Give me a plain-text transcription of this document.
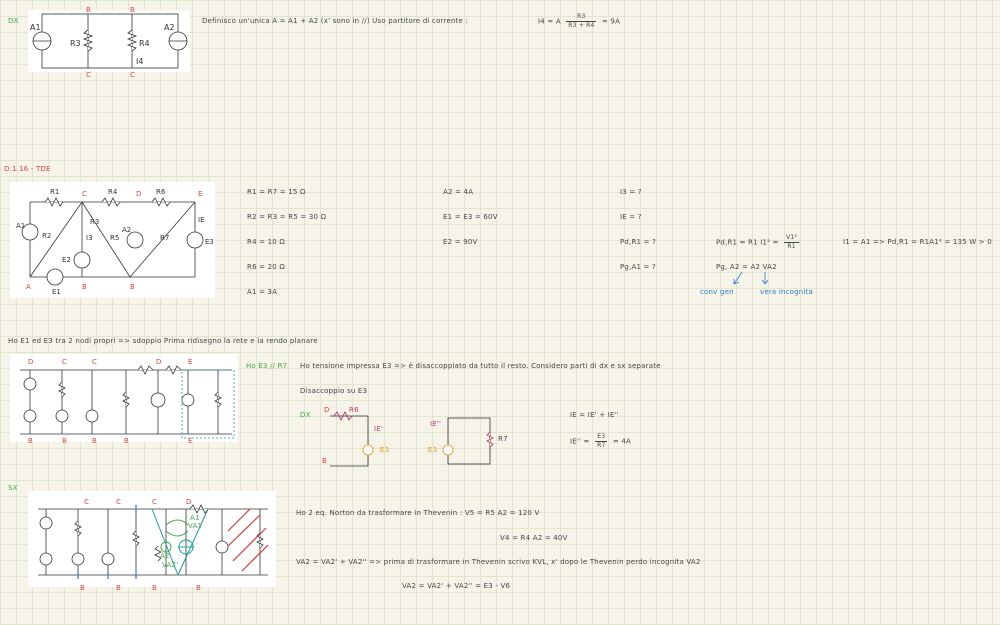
DX
A1
R3	R4
A2
I4
B	B
C	C
Definisco un'unica A = A1 + A2 (x' sono in //) Uso partitore di corrente :	I4 = A $\frac{R3}{R3 + R4} = 9A$
D.1.16 - TDE
R1	R4	R6
R2
R3
R5	R7
A1	A2
IE
E3
E2
E1
I3
C	D	E
A	B	B
R1 = R7 = 15 Ω
R2 = R3 = R5 = 30 Ω
R4 = 10 Ω
R6 = 20 Ω
A1 = 3A
A2 = 4A
E1 = E3 = 60V
E2 = 90V
I3 = ?
IE = ?
Pd,R1 = ?
Pg,A1 = ?
Pd,R1 = R1 $I1^2 = \frac{\text{V1²}}{R1}$	I1 = A1 => Pd,R1 = R1A1² = 135 W > 0
Pg, A2 = A2 VA2
conv gen	vera incognita
Ho E1 ed E3 tra 2 nodi propri => sdoppio Prima ridisegno la rete e la rendo planare
D	C	C	D	E
B	B	B	B	E
Ho E3 // R7 Ho tensione impressa E3 => è disaccoppiato da tutto il resto. Considero parti di dx e sx separate
Disaccoppio su E3
DX
D	R6
IE'
B
E3
IE''
E3
R7
IE = IE' + IE''
$IE'' = \frac{E3}{R7} = 4A$
SX
C	C	C	D
B	B	B	B
A1
VA1
VA2'
A2
Ho 2 eq. Norton da trasformare in Thevenin : V5 = R5 A2 = 120 V
V4 = R4 A2 = 40V
VA2 = VA2' + VA2'' => prima di trasformare in Thevenin scrivo KVL, x' dopo le Thevenin perdo incognita VA2
VA2 = VA2' + VA2'' = E3 - V6
